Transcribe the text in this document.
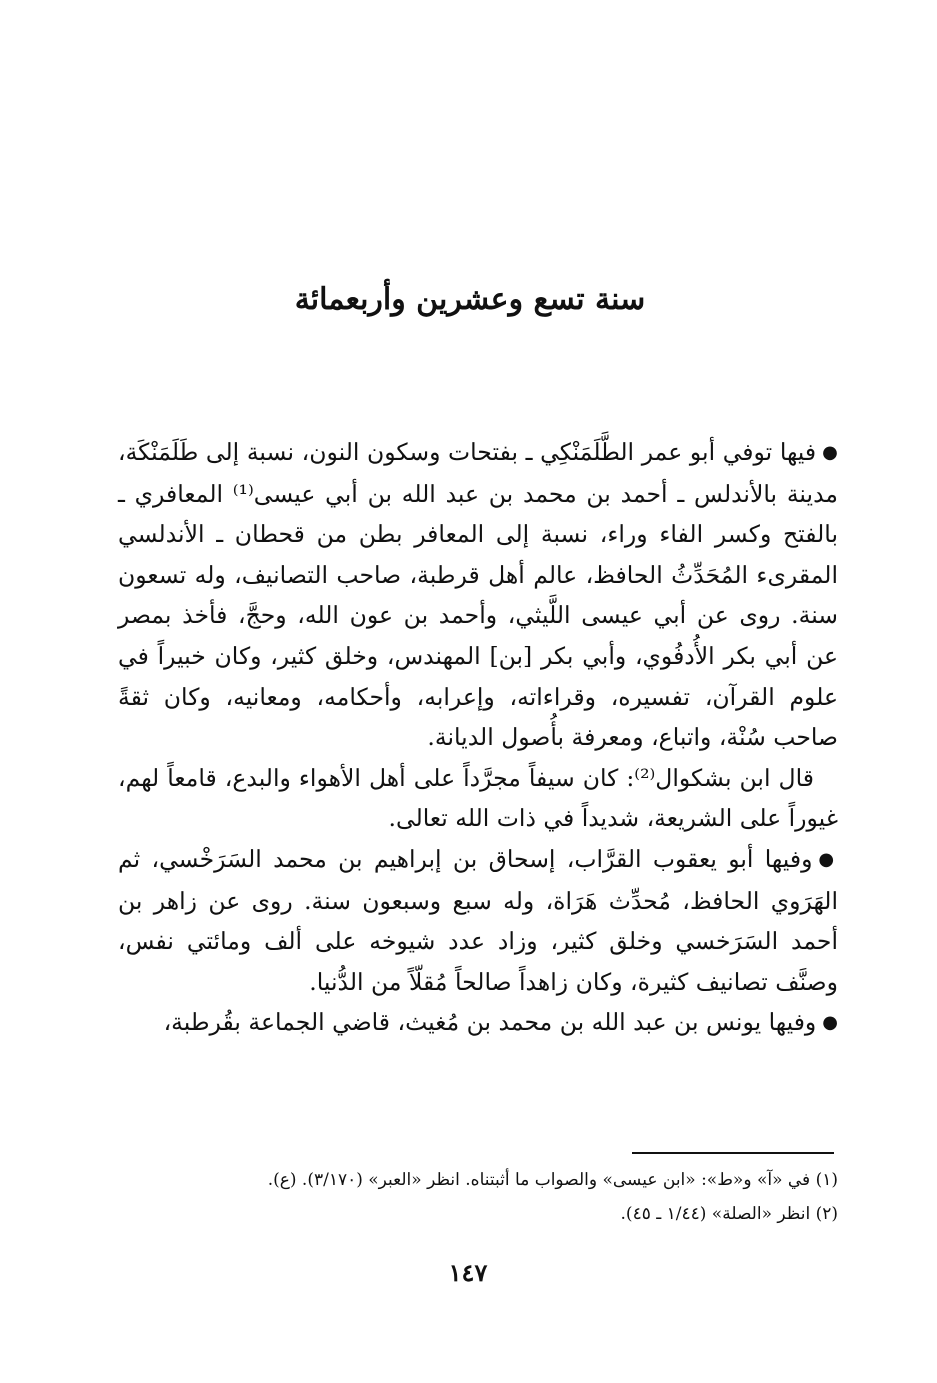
سنة تسع وعشرين وأربعمائة

●فيها توفي أبو عمر الطَّلَمَنْكِي ـ بفتحات وسكون النون، نسبة إلى طَلَمَنْكَة، مدينة بالأندلس ـ أحمد بن محمد بن عبد الله بن أبي عيسى⁽¹⁾ المعافري ـ بالفتح وكسر الفاء وراء، نسبة إلى المعافر بطن من قحطان ـ الأندلسي المقرىء المُحَدِّثُ الحافظ، عالم أهل قرطبة، صاحب التصانيف، وله تسعون سنة. روى عن أبي عيسى اللَّيثي، وأحمد بن عون الله، وحجَّ، فأخذ بمصر عن أبي بكر الأُدفُوي، وأبي بكر [بن] المهندس، وخلق كثير، وكان خبيراً في علوم القرآن، تفسيره، وقراءاته، وإعرابه، وأحكامه، ومعانيه، وكان ثقةً صاحب سُنْة، واتباع، ومعرفة بأُصول الديانة.

قال ابن بشكوال⁽²⁾: كان سيفاً مجرَّداً على أهل الأهواء والبدع، قامعاً لهم، غيوراً على الشريعة، شديداً في ذات الله تعالى.

●وفيها أبو يعقوب القرَّاب، إسحاق بن إبراهيم بن محمد السَرَخْسي، ثم الهَرَوي الحافظ، مُحدِّث هَرَاة، وله سبع وسبعون سنة. روى عن زاهر بن أحمد السَرَخسي وخلق كثير، وزاد عدد شيوخه على ألف ومائتي نفس، وصنَّف تصانيف كثيرة، وكان زاهداً صالحاً مُقلّاً من الدُّنيا.

●وفيها يونس بن عبد الله بن محمد بن مُغيث، قاضي الجماعة بقُرطبة،

(١) في «آ» و«ط»: «ابن عيسى» والصواب ما أثبتناه. انظر «العبر» (٣/١٧٠). (ع).

(٢) انظر «الصلة» (١/٤٤ ـ ٤٥).

١٤٧
